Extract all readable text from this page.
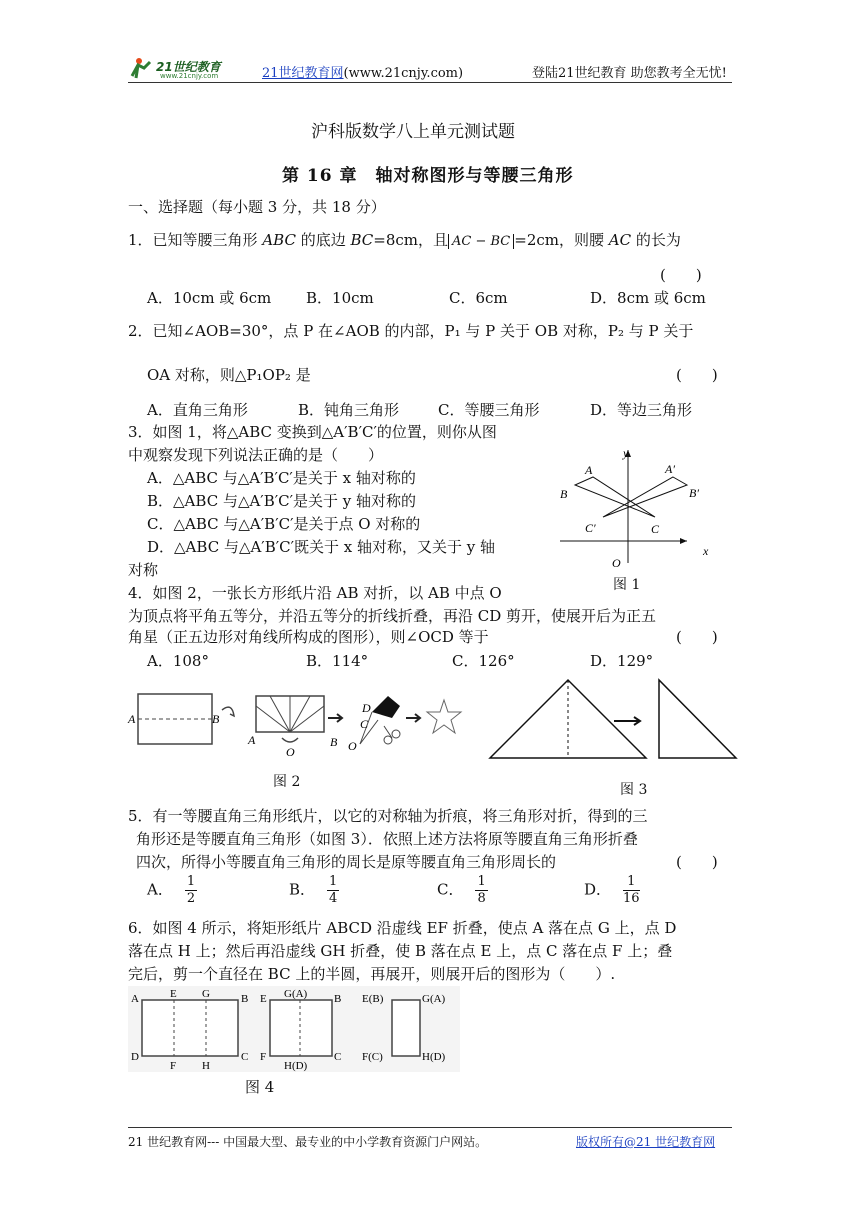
21世纪教育
www.21cnjy.com	21世纪教育网(www.21cnjy.com)	登陆21世纪教育 助您教考全无忧!
沪科版数学八上单元测试题
第 16 章　轴对称图形与等腰三角形
一、选择题（每小题 3 分，共 18 分）
1．已知等腰三角形 ABC 的底边 BC=8cm，且 AC − BC =2cm，则腰 AC 的长为
(　　)
A．10cm 或 6cm B．10cm	C．6cm	D．8cm 或 6cm
2．已知∠AOB=30°，点 P 在∠AOB 的内部，P₁ 与 P 关于 OB 对称，P₂ 与 P 关于
OA 对称，则△P₁OP₂ 是	(　　)
A．直角三角形	B．钝角三角形	C．等腰三角形	D．等边三角形
3．如图 1，将△ABC 变换到△A′B′C′的位置，则你从图
中观察发现下列说法正确的是（　　）
A．△ABC 与△A′B′C′是关于 x 轴对称的
B．△ABC 与△A′B′C′是关于 y 轴对称的
C．△ABC 与△A′B′C′是关于点 O 对称的
D．△ABC 与△A′B′C′既关于 x 轴对称，又关于 y 轴
对称
y
x
O
A
B
C
A′
B′
C′
图 1
4．如图 2，一张长方形纸片沿 AB 对折，以 AB 中点 O
为顶点将平角五等分，并沿五等分的折线折叠，再沿 CD 剪开，使展开后为正五
角星（正五边形对角线所构成的图形），则∠OCD 等于	(　　)
A．108°	B．114°	C．126°	D．129°
A	B
A	B
O
D
C
O
图 2	图 3
5．有一等腰直角三角形纸片，以它的对称轴为折痕，将三角形对折，得到的三
角形还是等腰直角三角形（如图 3）．依照上述方法将原等腰直角三角形折叠
四次，所得小等腰直角三角形的周长是原等腰直角三角形周长的	(　　)
A． $\frac{1}{2}$	B． $\frac{1}{4}$	C． $\frac{1}{8}$	D． $\frac{1}{16}$
6．如图 4 所示，将矩形纸片 ABCD 沿虚线 EF 折叠，使点 A 落在点 G 上，点 D
落在点 H 上；然后再沿虚线 GH 折叠，使 B 落在点 E 上，点 C 落在点 F 上；叠
完后，剪一个直径在 BC 上的半圆，再展开，则展开后的图形为（　　）.
A	E G	B
D
F H
C
E G(A) B
F
H(D)
C
E(B)	G(A)
F(C)	H(D)
图 4
21 世纪教育网--- 中国最大型、最专业的中小学教育资源门户网站。	版权所有@21 世纪教育网
